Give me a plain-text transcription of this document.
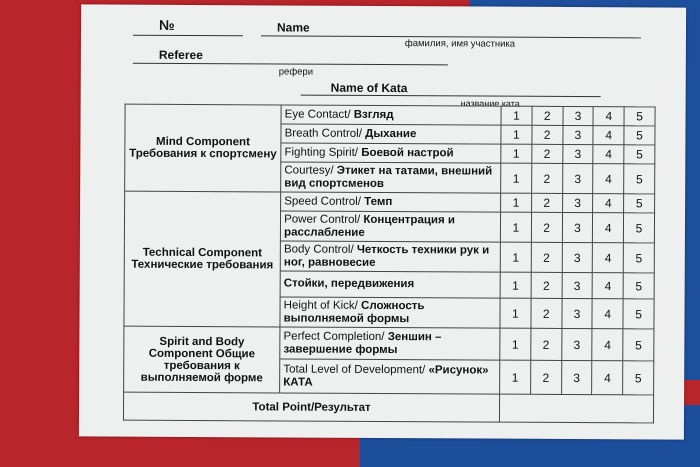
№	Name
фамилия, имя участника
Referee
рефери
Name of Kata
название ката
Mind Component Требования к спортсмену	Eye Contact/ Взгляд	1	2	3	4	5
	Breath Control/ Дыхание	1	2	3	4	5
	Fighting Spirit/ Боевой настрой	1	2	3	4	5
	Courtesy/ Этикет на татами, внешний вид спортсменов	1	2	3	4	5
Technical Component Технические требования	Speed Control/ Темп	1	2	3	4	5
	Power Control/ Концентрация и расслабление	1	2	3	4	5
	Body Control/ Четкость техники рук и ног, равновесие	1	2	3	4	5
	Стойки, передвижения	1	2	3	4	5
	Height of Kick/ Сложность выполняемой формы	1	2	3	4	5
Spirit and Body Component Общие требования к выполняемой форме	Perfect Completion/ Зеншин – завершение формы	1	2	3	4	5
	Total Level of Development/ «Рисунок» КАТА	1	2	3	4	5
Total Point/Результат						
